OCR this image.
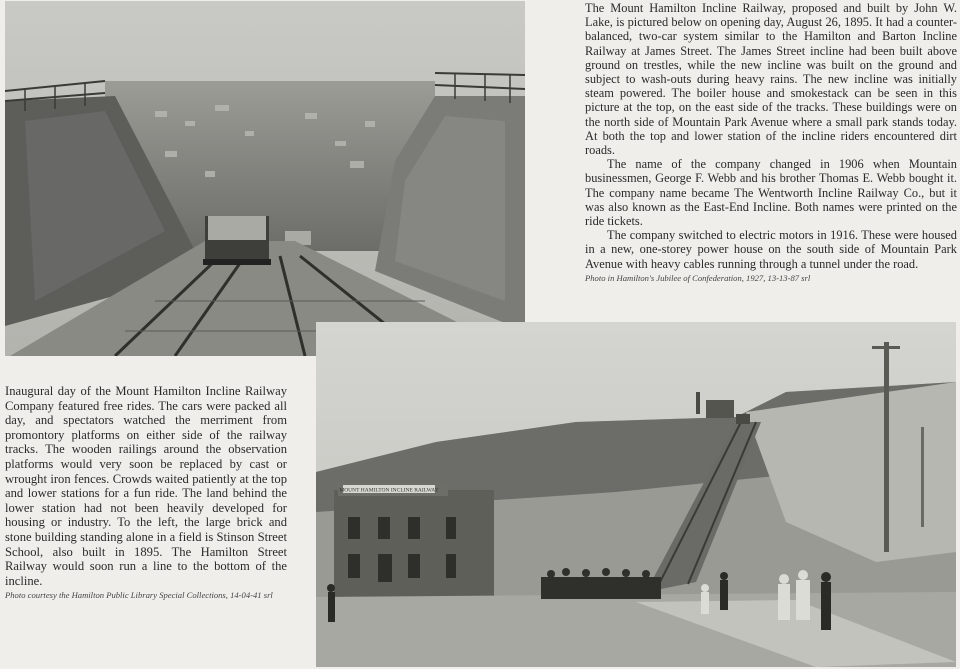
The Mount Hamilton Incline Railway, proposed and built by John W. Lake, is pictured below on opening day, August 26, 1895. It had a counter-balanced, two-car system similar to the Hamilton and Barton Incline Railway at James Street. The James Street incline had been built above ground on trestles, while the new incline was built on the ground and subject to wash-outs during heavy rains. The new incline was initially steam powered. The boiler house and smokestack can be seen in this picture at the top, on the east side of the tracks. These buildings were on the north side of Mountain Park Avenue where a small park stands today. At both the top and lower station of the incline riders encountered dirt roads.

The name of the company changed in 1906 when Mountain businessmen, George F. Webb and his brother Thomas E. Webb bought it. The company name became The Wentworth Incline Railway Co., but it was also known as the East-End Incline. Both names were printed on the ride tickets.

The company switched to electric motors in 1916. These were housed in a new, one-storey power house on the south side of Mountain Park Avenue with heavy cables running through a tunnel under the road.

Photo in Hamilton's Jubilee of Confederation, 1927, 13-13-87 srl

Inaugural day of the Mount Hamilton Incline Railway Company featured free rides. The cars were packed all day, and spectators watched the merriment from promontory platforms on either side of the railway tracks. The wooden railings around the observation platforms would very soon be replaced by cast or wrought iron fences. Crowds waited patiently at the top and lower stations for a fun ride. The land behind the lower station had not been heavily developed for housing or industry. To the left, the large brick and stone building standing alone in a field is Stinson Street School, also built in 1895. The Hamilton Street Railway would soon run a line to the bottom of the incline.

Photo courtesy the Hamilton Public Library Special Collections, 14-04-41 srl

MOUNT HAMILTON INCLINE RAILWAY
